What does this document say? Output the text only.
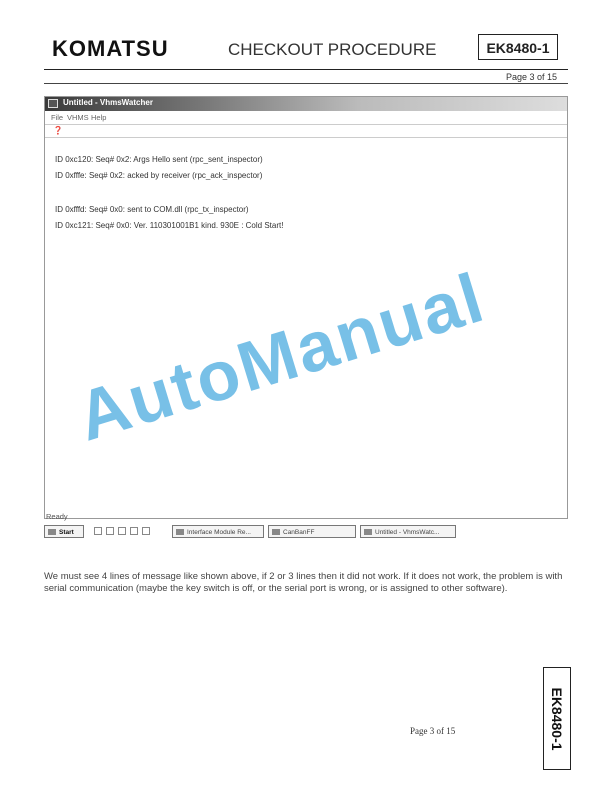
KOMATSU	CHECKOUT PROCEDURE	EK8480-1
Page 3 of 15
Untitled - VhmsWatcher
File VHMS Help
❓
ID 0xc120: Seq# 0x2: Args Hello sent (rpc_sent_inspector)
ID 0xfffe: Seq# 0x2: acked by receiver (rpc_ack_inspector)
ID 0xfffd: Seq# 0x0: sent to COM.dll (rpc_tx_inspector)
ID 0xc121: Seq# 0x0: Ver. 110301001B1 kind. 930E : Cold Start!
Ready
Start	Interface Module Re...	CanBanFF	Untitled - VhmsWatc...
We must see 4 lines of message like shown above, if 2 or 3 lines then it did not work. If it does not work, the problem is with serial communication (maybe the key switch is off, or the serial port is wrong, or is assigned to other software).
EK8480-1
Page 3 of 15
AutoManual
